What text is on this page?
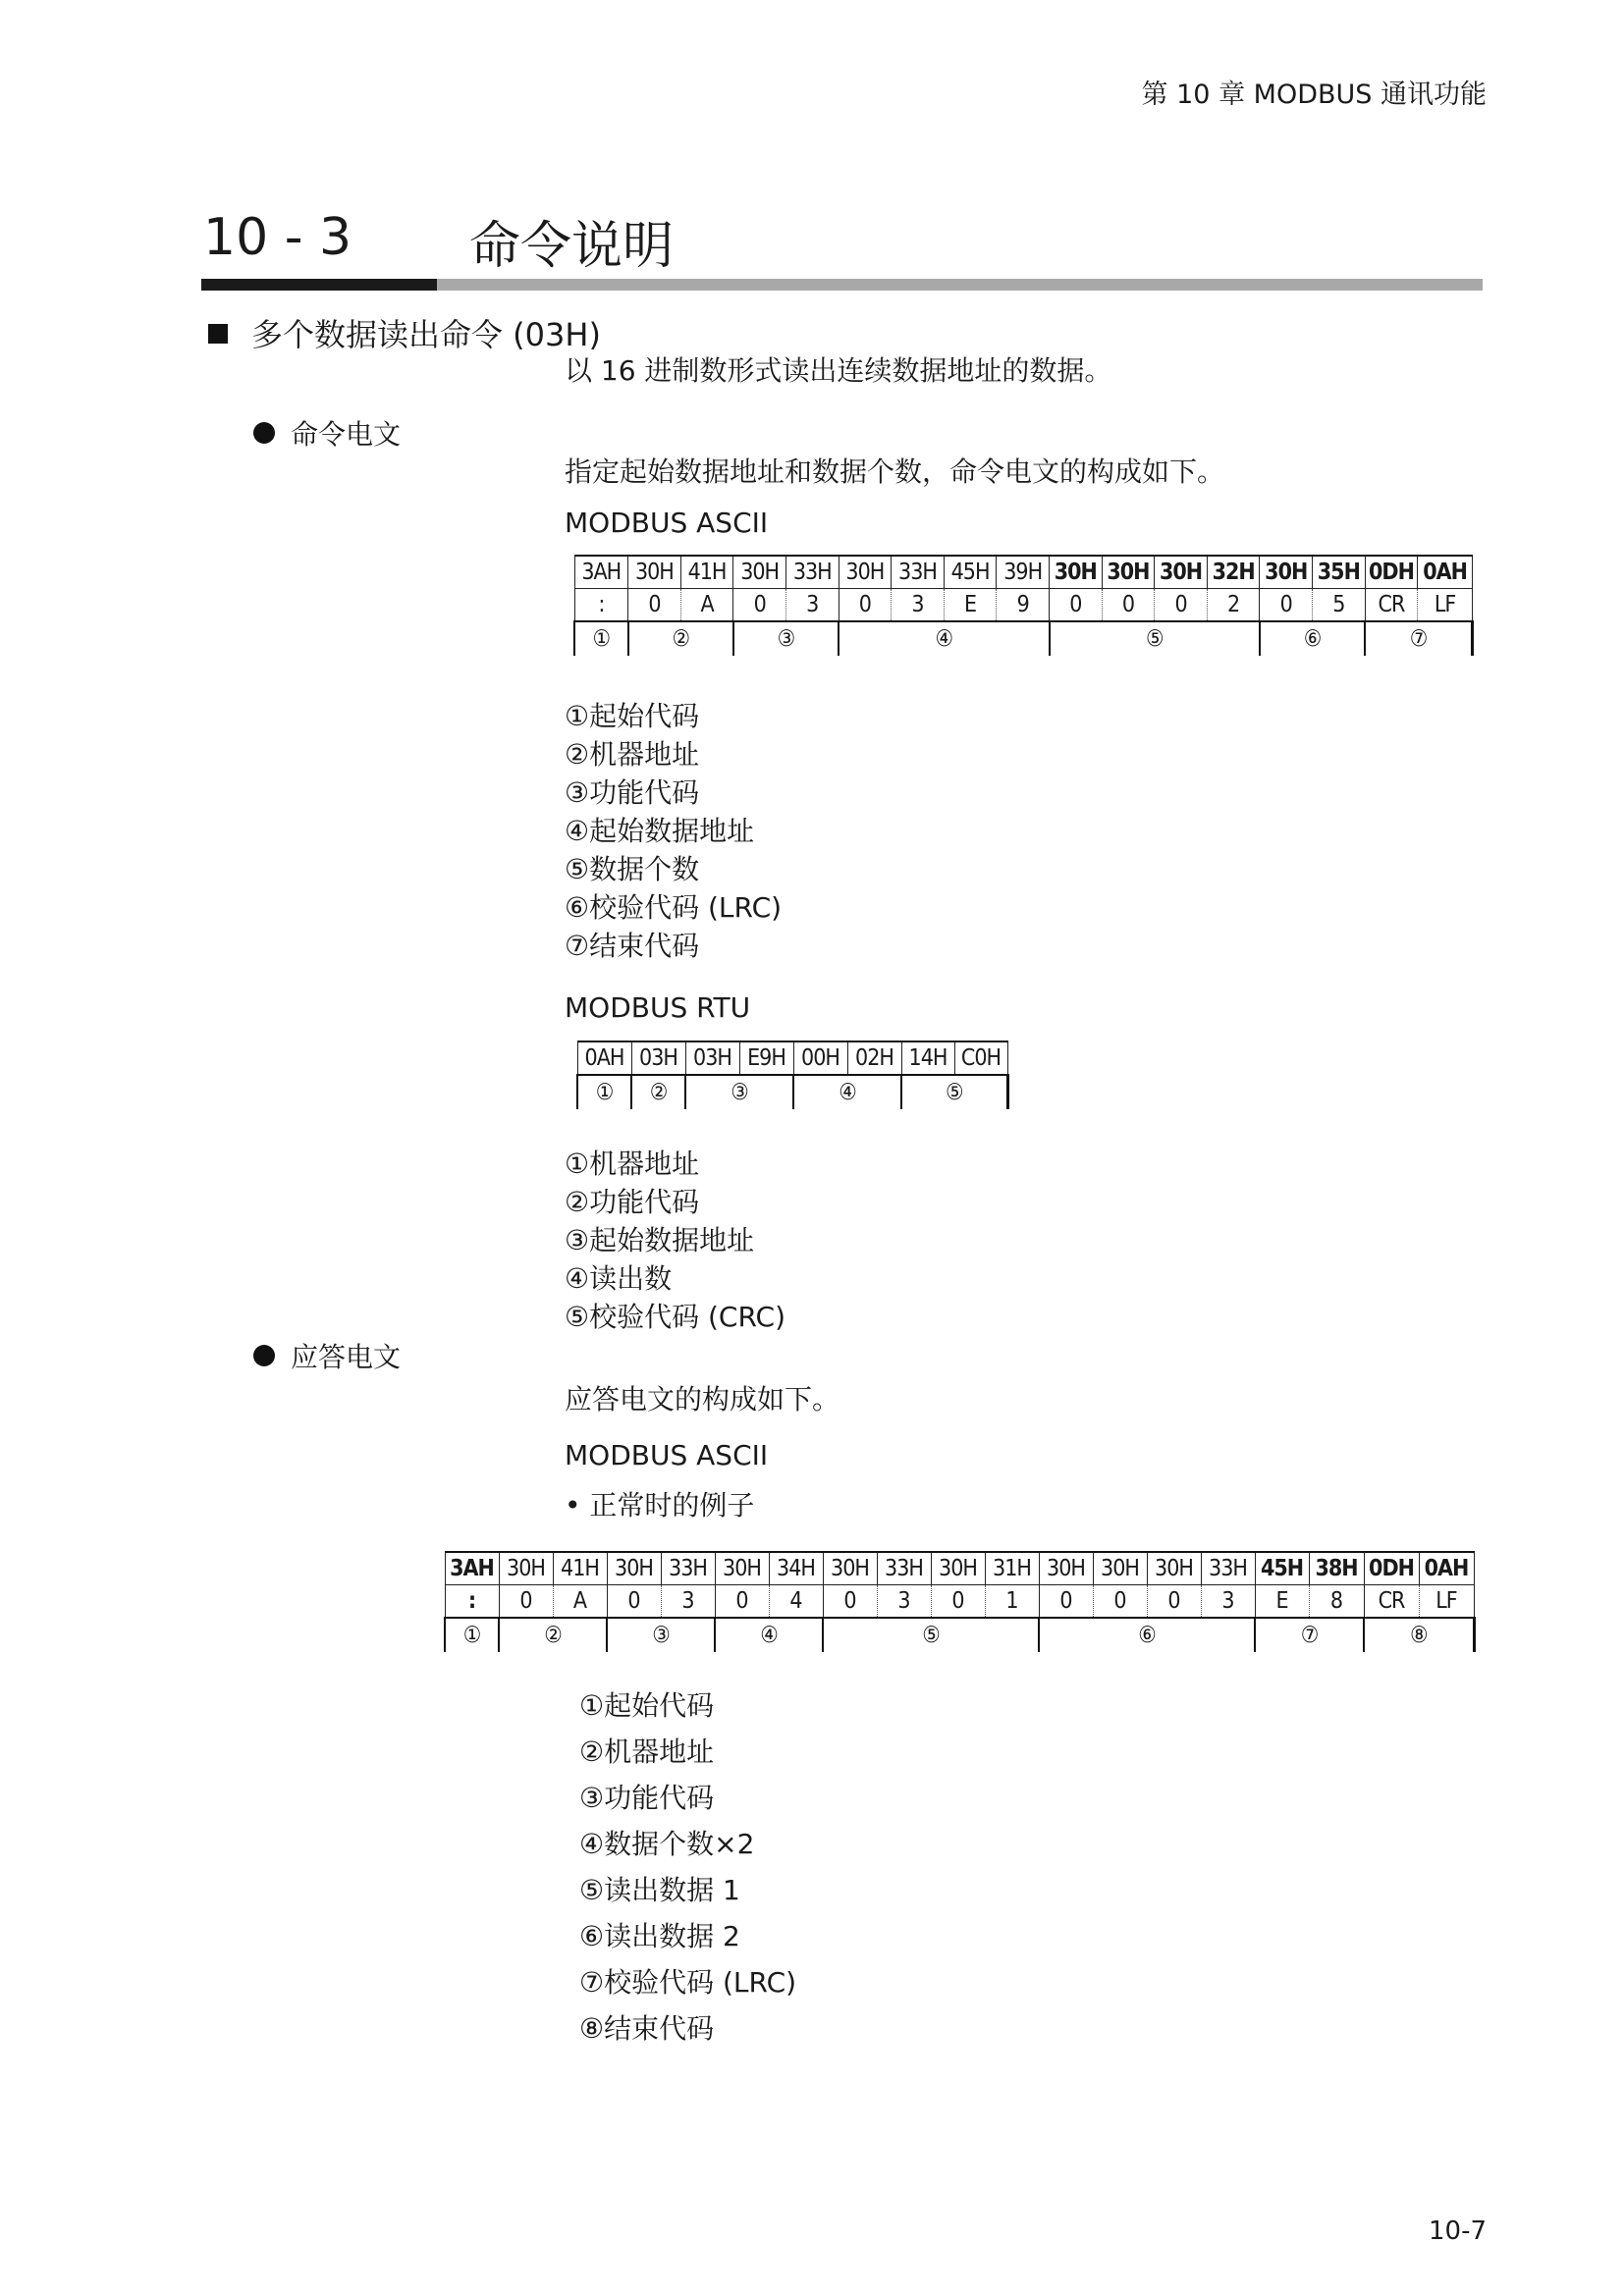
第 10 章 MODBUS 通讯功能
10 - 3 命令说明
多个数据读出命令 (03H)
以 16 进制数形式读出连续数据地址的数据。
命令电文
指定起始数据地址和数据个数，命令电文的构成如下。
MODBUS ASCII
3AH	30H	41H	30H	33H	30H	33H	45H	39H	30H	30H	30H	32H	30H	35H	0DH	0AH
:	0	A	0	3	0	3	E	9	0	0	0	2	0	5	CR	LF
①	②		③		④				⑤				⑥		⑦	
①起始代码
②机器地址
③功能代码
④起始数据地址
⑤数据个数
⑥校验代码 (LRC)
⑦结束代码
MODBUS RTU
0AH	03H	03H	E9H	00H	02H	14H	C0H
①	②	③		④		⑤	
①机器地址
②功能代码
③起始数据地址
④读出数
⑤校验代码 (CRC)
应答电文
应答电文的构成如下。
MODBUS ASCII
• 正常时的例子
3AH	30H	41H	30H	33H	30H	34H	30H	33H	30H	31H	30H	30H	30H	33H	45H	38H	0DH	0AH
:	0	A	0	3	0	4	0	3	0	1	0	0	0	3	E	8	CR	LF
①	②		③		④		⑤				⑥				⑦		⑧	
①起始代码
②机器地址
③功能代码
④数据个数×2
⑤读出数据 1
⑥读出数据 2
⑦校验代码 (LRC)
⑧结束代码
10-7
